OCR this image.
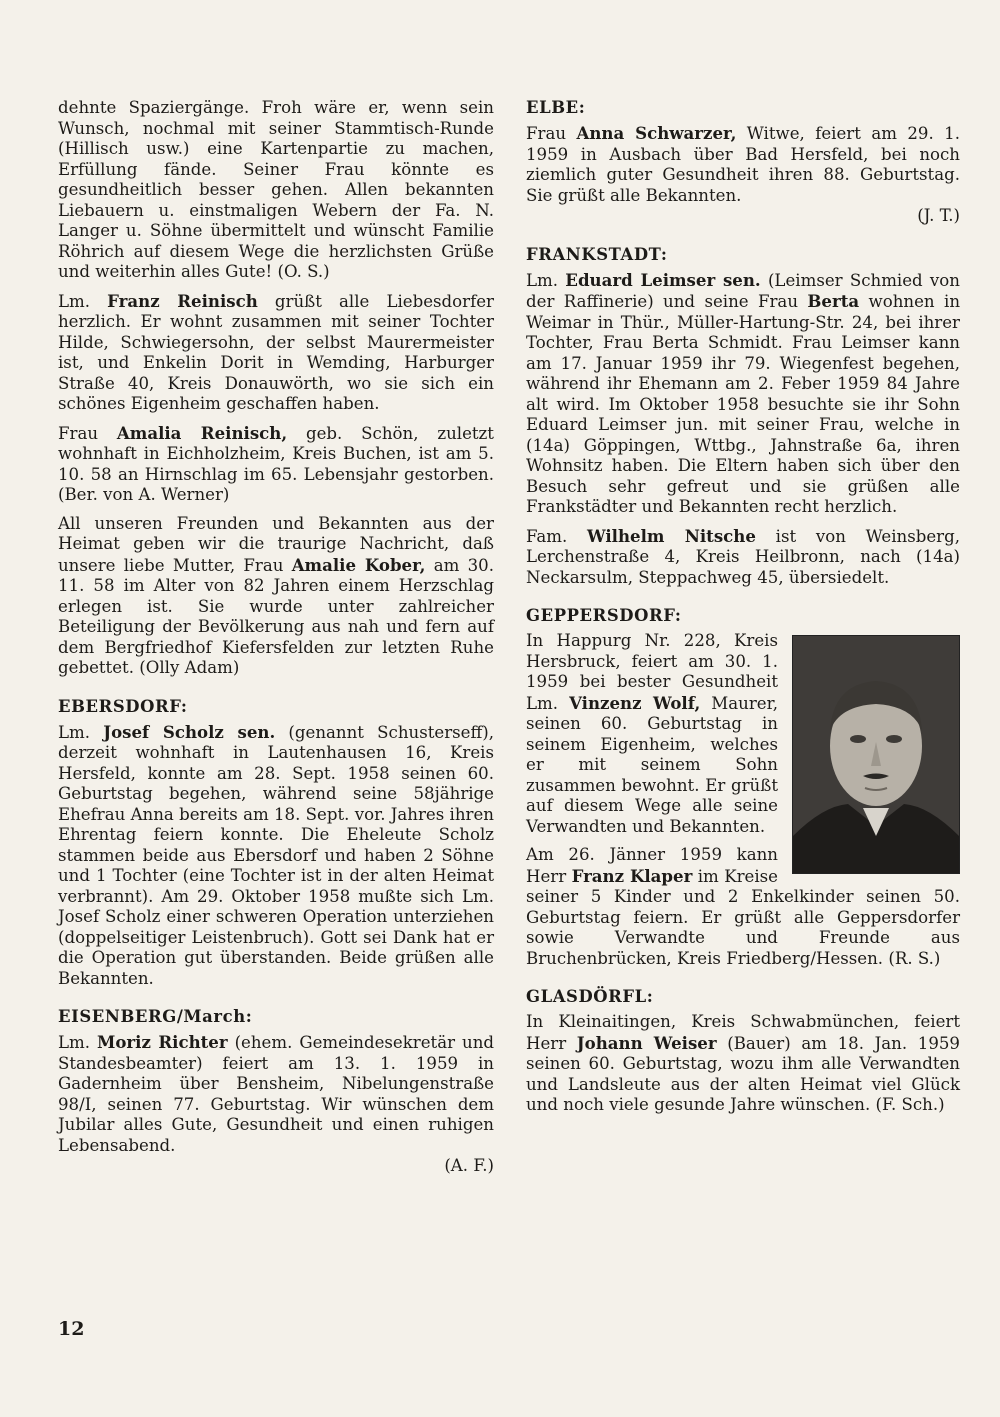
dehnte Spaziergänge. Froh wäre er, wenn sein Wunsch, nochmal mit seiner Stammtisch-Runde (Hillisch usw.) eine Kartenpartie zu machen, Erfüllung fände. Seiner Frau könnte es gesundheitlich besser gehen. Allen bekannten Liebauern u. einstmaligen Webern der Fa. N. Langer u. Söhne übermittelt und wünscht Familie Röhrich auf diesem Wege die herzlichsten Grüße und weiterhin alles Gute! (O. S.)

Lm. Franz Reinisch grüßt alle Liebesdorfer herzlich. Er wohnt zusammen mit seiner Tochter Hilde, Schwiegersohn, der selbst Maurermeister ist, und Enkelin Dorit in Wemding, Harburger Straße 40, Kreis Donauwörth, wo sie sich ein schönes Eigenheim geschaffen haben.

Frau Amalia Reinisch, geb. Schön, zuletzt wohnhaft in Eichholzheim, Kreis Buchen, ist am 5. 10. 58 an Hirnschlag im 65. Lebensjahr gestorben. (Ber. von A. Werner)

All unseren Freunden und Bekannten aus der Heimat geben wir die traurige Nachricht, daß unsere liebe Mutter, Frau Amalie Kober, am 30. 11. 58 im Alter von 82 Jahren einem Herzschlag erlegen ist. Sie wurde unter zahlreicher Beteiligung der Bevölkerung aus nah und fern auf dem Bergfriedhof Kiefersfelden zur letzten Ruhe gebettet. (Olly Adam)

EBERSDORF:

Lm. Josef Scholz sen. (genannt Schusterseff), derzeit wohnhaft in Lautenhausen 16, Kreis Hersfeld, konnte am 28. Sept. 1958 seinen 60. Geburtstag begehen, während seine 58jährige Ehefrau Anna bereits am 18. Sept. vor. Jahres ihren Ehrentag feiern konnte. Die Eheleute Scholz stammen beide aus Ebersdorf und haben 2 Söhne und 1 Tochter (eine Tochter ist in der alten Heimat verbrannt). Am 29. Oktober 1958 mußte sich Lm. Josef Scholz einer schweren Operation unterziehen (doppelseitiger Leistenbruch). Gott sei Dank hat er die Operation gut überstanden. Beide grüßen alle Bekannten.

EISENBERG/March:

Lm. Moriz Richter (ehem. Gemeindesekretär und Standesbeamter) feiert am 13. 1. 1959 in Gadernheim über Bensheim, Nibelungenstraße 98/I, seinen 77. Geburtstag. Wir wünschen dem Jubilar alles Gute, Gesundheit und einen ruhigen Lebensabend.
(A. F.)

ELBE:

Frau Anna Schwarzer, Witwe, feiert am 29. 1. 1959 in Ausbach über Bad Hersfeld, bei noch ziemlich guter Gesundheit ihren 88. Geburtstag. Sie grüßt alle Bekannten.
(J. T.)

FRANKSTADT:

Lm. Eduard Leimser sen. (Leimser Schmied von der Raffinerie) und seine Frau Berta wohnen in Weimar in Thür., Müller-Hartung-Str. 24, bei ihrer Tochter, Frau Berta Schmidt. Frau Leimser kann am 17. Januar 1959 ihr 79. Wiegenfest begehen, während ihr Ehemann am 2. Feber 1959 84 Jahre alt wird. Im Oktober 1958 besuchte sie ihr Sohn Eduard Leimser jun. mit seiner Frau, welche in (14a) Göppingen, Wttbg., Jahnstraße 6a, ihren Wohnsitz haben. Die Eltern haben sich über den Besuch sehr gefreut und sie grüßen alle Frankstädter und Bekannten recht herzlich.

Fam. Wilhelm Nitsche ist von Weinsberg, Lerchenstraße 4, Kreis Heilbronn, nach (14a) Neckarsulm, Steppachweg 45, übersiedelt.

GEPPERSDORF:

In Happurg Nr. 228, Kreis Hersbruck, feiert am 30. 1. 1959 bei bester Gesundheit Lm. Vinzenz Wolf, Maurer, seinen 60. Geburtstag in seinem Eigenheim, welches er mit seinem Sohn zusammen bewohnt. Er grüßt auf diesem Wege alle seine Verwandten und Bekannten.

Am 26. Jänner 1959 kann Herr Franz Klaper im Kreise seiner 5 Kinder und 2 Enkelkinder seinen 50. Geburtstag feiern. Er grüßt alle Geppersdorfer sowie Verwandte und Freunde aus Bruchenbrücken, Kreis Friedberg/Hessen. (R. S.)

GLASDÖRFL:

In Kleinaitingen, Kreis Schwabmünchen, feiert Herr Johann Weiser (Bauer) am 18. Jan. 1959 seinen 60. Geburtstag, wozu ihm alle Verwandten und Landsleute aus der alten Heimat viel Glück und noch viele gesunde Jahre wünschen. (F. Sch.)

12
